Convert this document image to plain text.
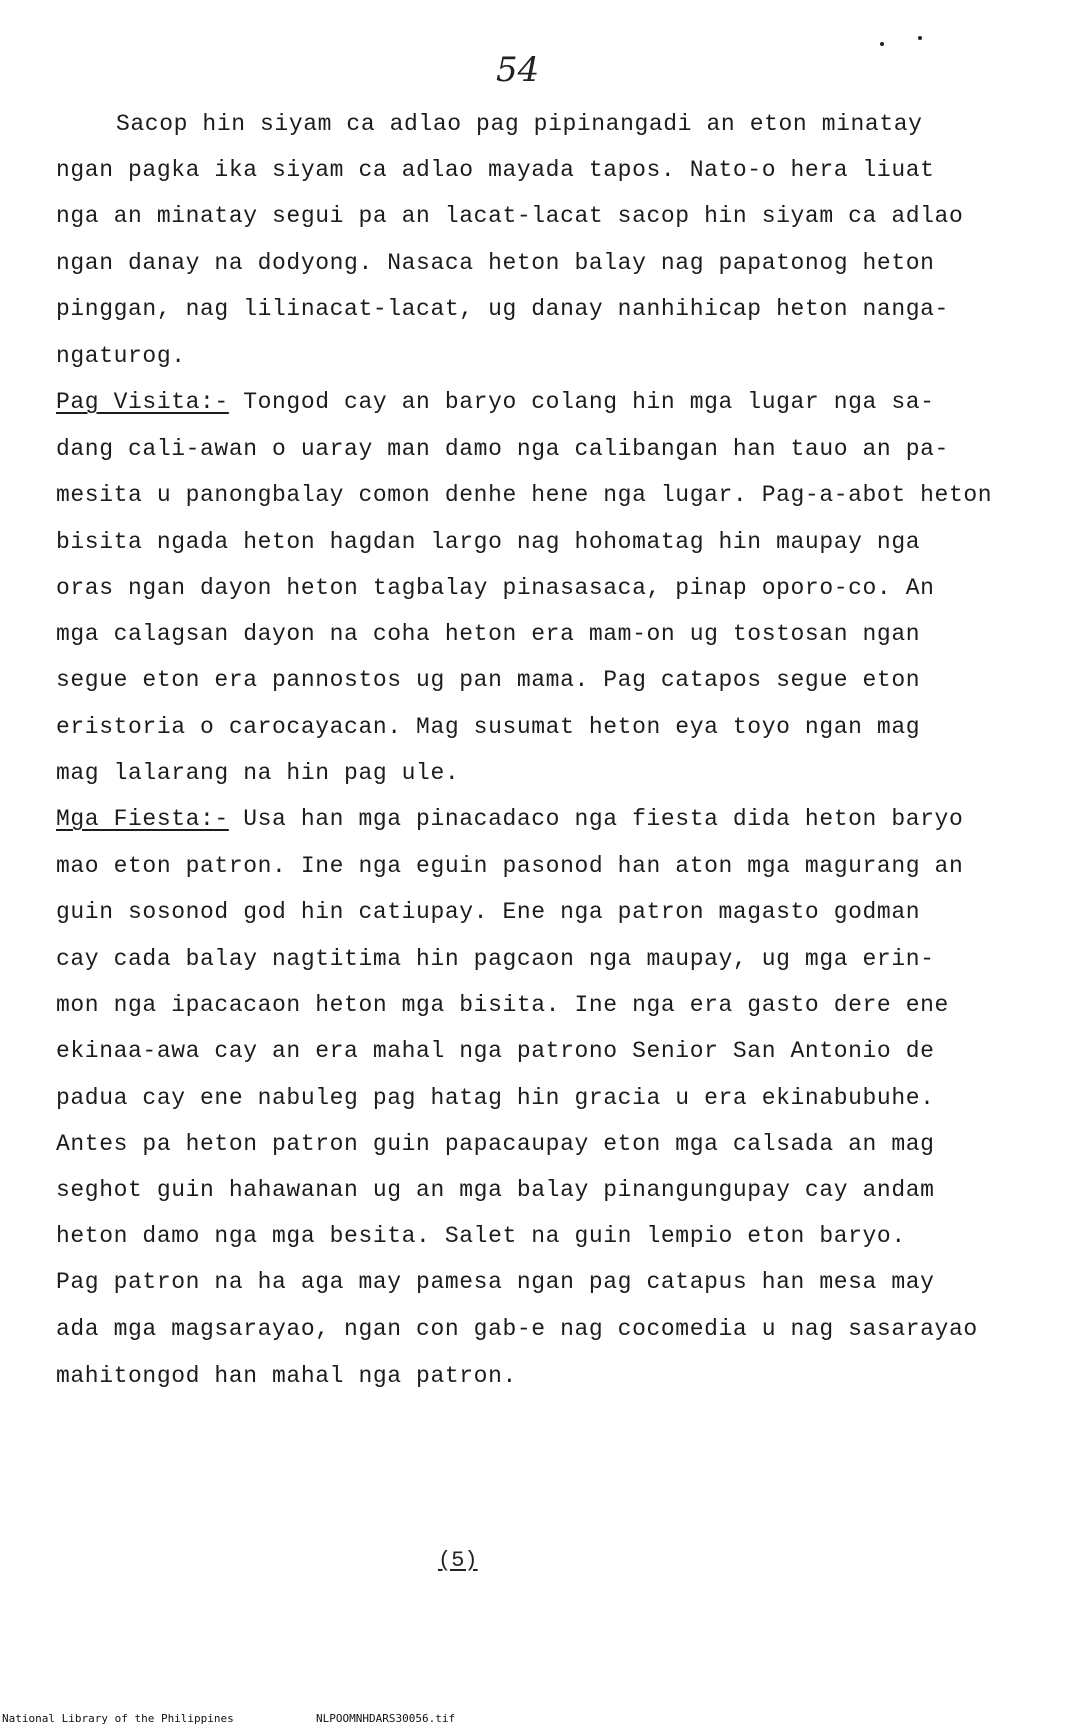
54
Sacop hin siyam ca adlao pag pipinangadi an eton minatay
ngan pagka ika siyam ca adlao mayada tapos. Nato-o hera liuat
nga an minatay segui pa an lacat-lacat sacop hin siyam ca adlao
ngan danay na dodyong. Nasaca heton balay nag papatonog heton
pinggan, nag lilinacat-lacat, ug danay nanhihicap heton nanga-
ngaturog.
Pag Visita:- Tongod cay an baryo colang hin mga lugar nga sa-
dang cali-awan o uaray man damo nga calibangan han tauo an pa-
mesita u panongbalay comon denhe hene nga lugar. Pag-a-abot heton
bisita ngada heton hagdan largo nag hohomatag hin maupay nga
oras ngan dayon heton tagbalay pinasasaca, pinap oporo-co. An
mga calagsan dayon na coha heton era mam-on ug tostosan ngan
segue eton era pannostos ug pan mama. Pag catapos segue eton
eristoria o carocayacan. Mag susumat heton eya toyo ngan mag
mag lalarang na hin pag ule.
Mga Fiesta:- Usa han mga pinacadaco nga fiesta dida heton baryo
mao eton patron. Ine nga eguin pasonod han aton mga magurang an
guin sosonod god hin catiupay. Ene nga patron magasto godman
cay cada balay nagtitima hin pagcaon nga maupay, ug mga erin-
mon nga ipacacaon heton mga bisita. Ine nga era gasto dere ene
ekinaa-awa cay an era mahal nga patrono Senior San Antonio de
padua cay ene nabuleg pag hatag hin gracia u era ekinabubuhe.
Antes pa heton patron guin papacaupay eton mga calsada an mag
seghot guin hahawanan ug an mga balay pinangungupay cay andam
heton damo nga mga besita. Salet na guin lempio eton baryo.
Pag patron na ha aga may pamesa ngan pag catapus han mesa may
ada mga magsarayao, ngan con gab-e nag cocomedia u nag sasarayao
mahitongod han mahal nga patron.
(5)
National Library of the Philippines	NLPOOMNHDARS30056.tif
